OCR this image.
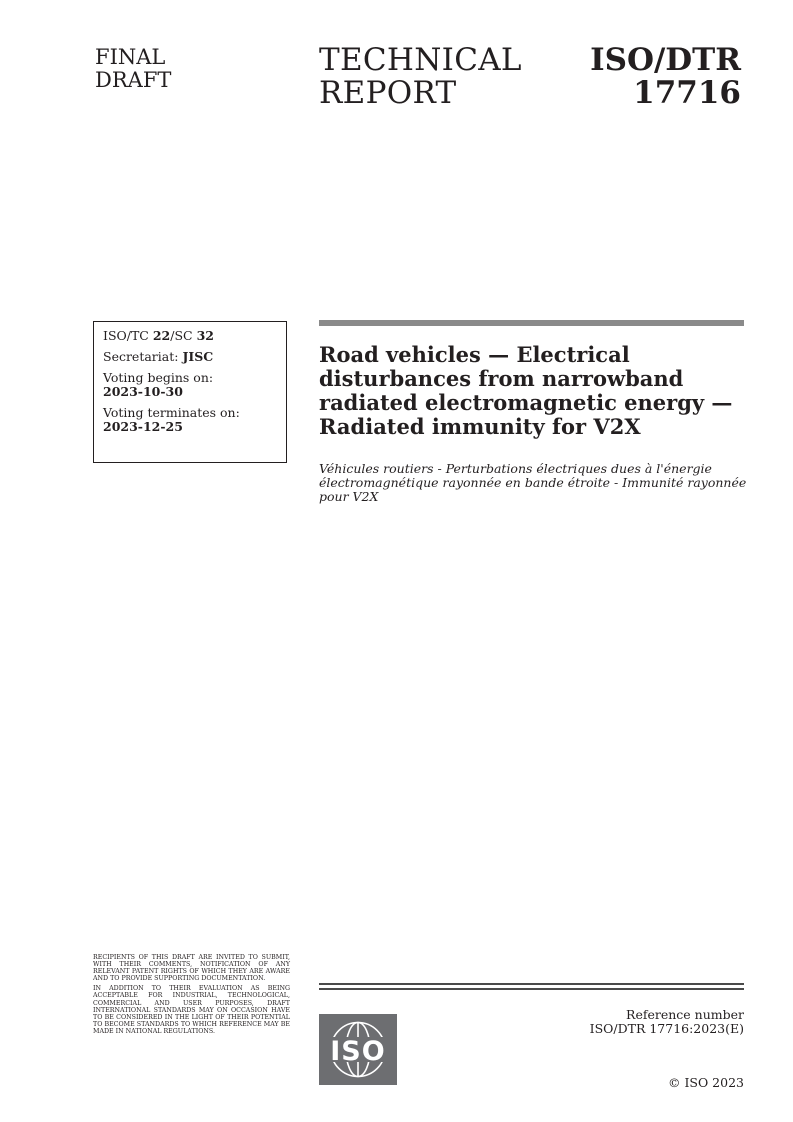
FINAL
DRAFT
TECHNICAL
REPORT
ISO/DTR
17716
ISO/TC 22/SC 32
Secretariat: JISC
Voting begins on:
2023-10-30
Voting terminates on:
2023-12-25
Road vehicles — Electrical
disturbances from narrowband
radiated electromagnetic energy —
Radiated immunity for V2X
Véhicules routiers - Perturbations électriques dues à l'énergie
électromagnétique rayonnée en bande étroite - Immunité rayonnée
pour V2X

RECIPIENTS OF THIS DRAFT ARE INVITED TO SUBMIT, WITH THEIR COMMENTS, NOTIFICATION OF ANY RELEVANT PATENT RIGHTS OF WHICH THEY ARE AWARE AND TO PROVIDE SUPPORTING DOCUMENTATION.

IN ADDITION TO THEIR EVALUATION AS BEING ACCEPTABLE FOR INDUSTRIAL, TECHNOLOGICAL, COMMERCIAL AND USER PURPOSES, DRAFT INTERNATIONAL STANDARDS MAY ON OCCASION HAVE TO BE CONSIDERED IN THE LIGHT OF THEIR POTENTIAL TO BECOME STANDARDS TO WHICH REFERENCE MAY BE MADE IN NATIONAL REGULATIONS.

ISO
Reference number
ISO/DTR 17716:2023(E)
© ISO 2023
